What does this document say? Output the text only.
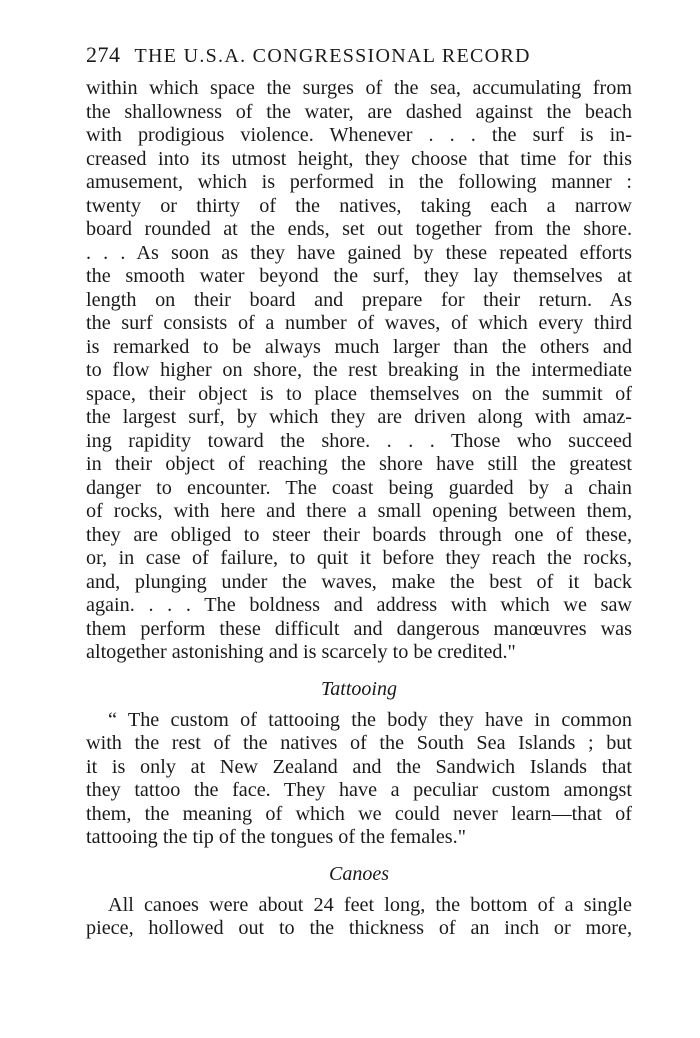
274 THE U.S.A. CONGRESSIONAL RECORD
within which space the surges of the sea, accumulating from
the shallowness of the water, are dashed against the beach
with prodigious violence. Whenever . . . the surf is in-
creased into its utmost height, they choose that time for this
amusement, which is performed in the following manner :
twenty or thirty of the natives, taking each a narrow
board rounded at the ends, set out together from the shore.
. . . As soon as they have gained by these repeated efforts
the smooth water beyond the surf, they lay themselves at
length on their board and prepare for their return. As
the surf consists of a number of waves, of which every third
is remarked to be always much larger than the others and
to flow higher on shore, the rest breaking in the intermediate
space, their object is to place themselves on the summit of
the largest surf, by which they are driven along with amaz-
ing rapidity toward the shore. . . . Those who succeed
in their object of reaching the shore have still the greatest
danger to encounter. The coast being guarded by a chain
of rocks, with here and there a small opening between them,
they are obliged to steer their boards through one of these,
or, in case of failure, to quit it before they reach the rocks,
and, plunging under the waves, make the best of it back
again. . . . The boldness and address with which we saw
them perform these difficult and dangerous manœuvres was
altogether astonishing and is scarcely to be credited."
Tattooing
“ The custom of tattooing the body they have in common
with the rest of the natives of the South Sea Islands ; but
it is only at New Zealand and the Sandwich Islands that
they tattoo the face. They have a peculiar custom amongst
them, the meaning of which we could never learn—that of
tattooing the tip of the tongues of the females."
Canoes
All canoes were about 24 feet long, the bottom of a single
piece, hollowed out to the thickness of an inch or more,
